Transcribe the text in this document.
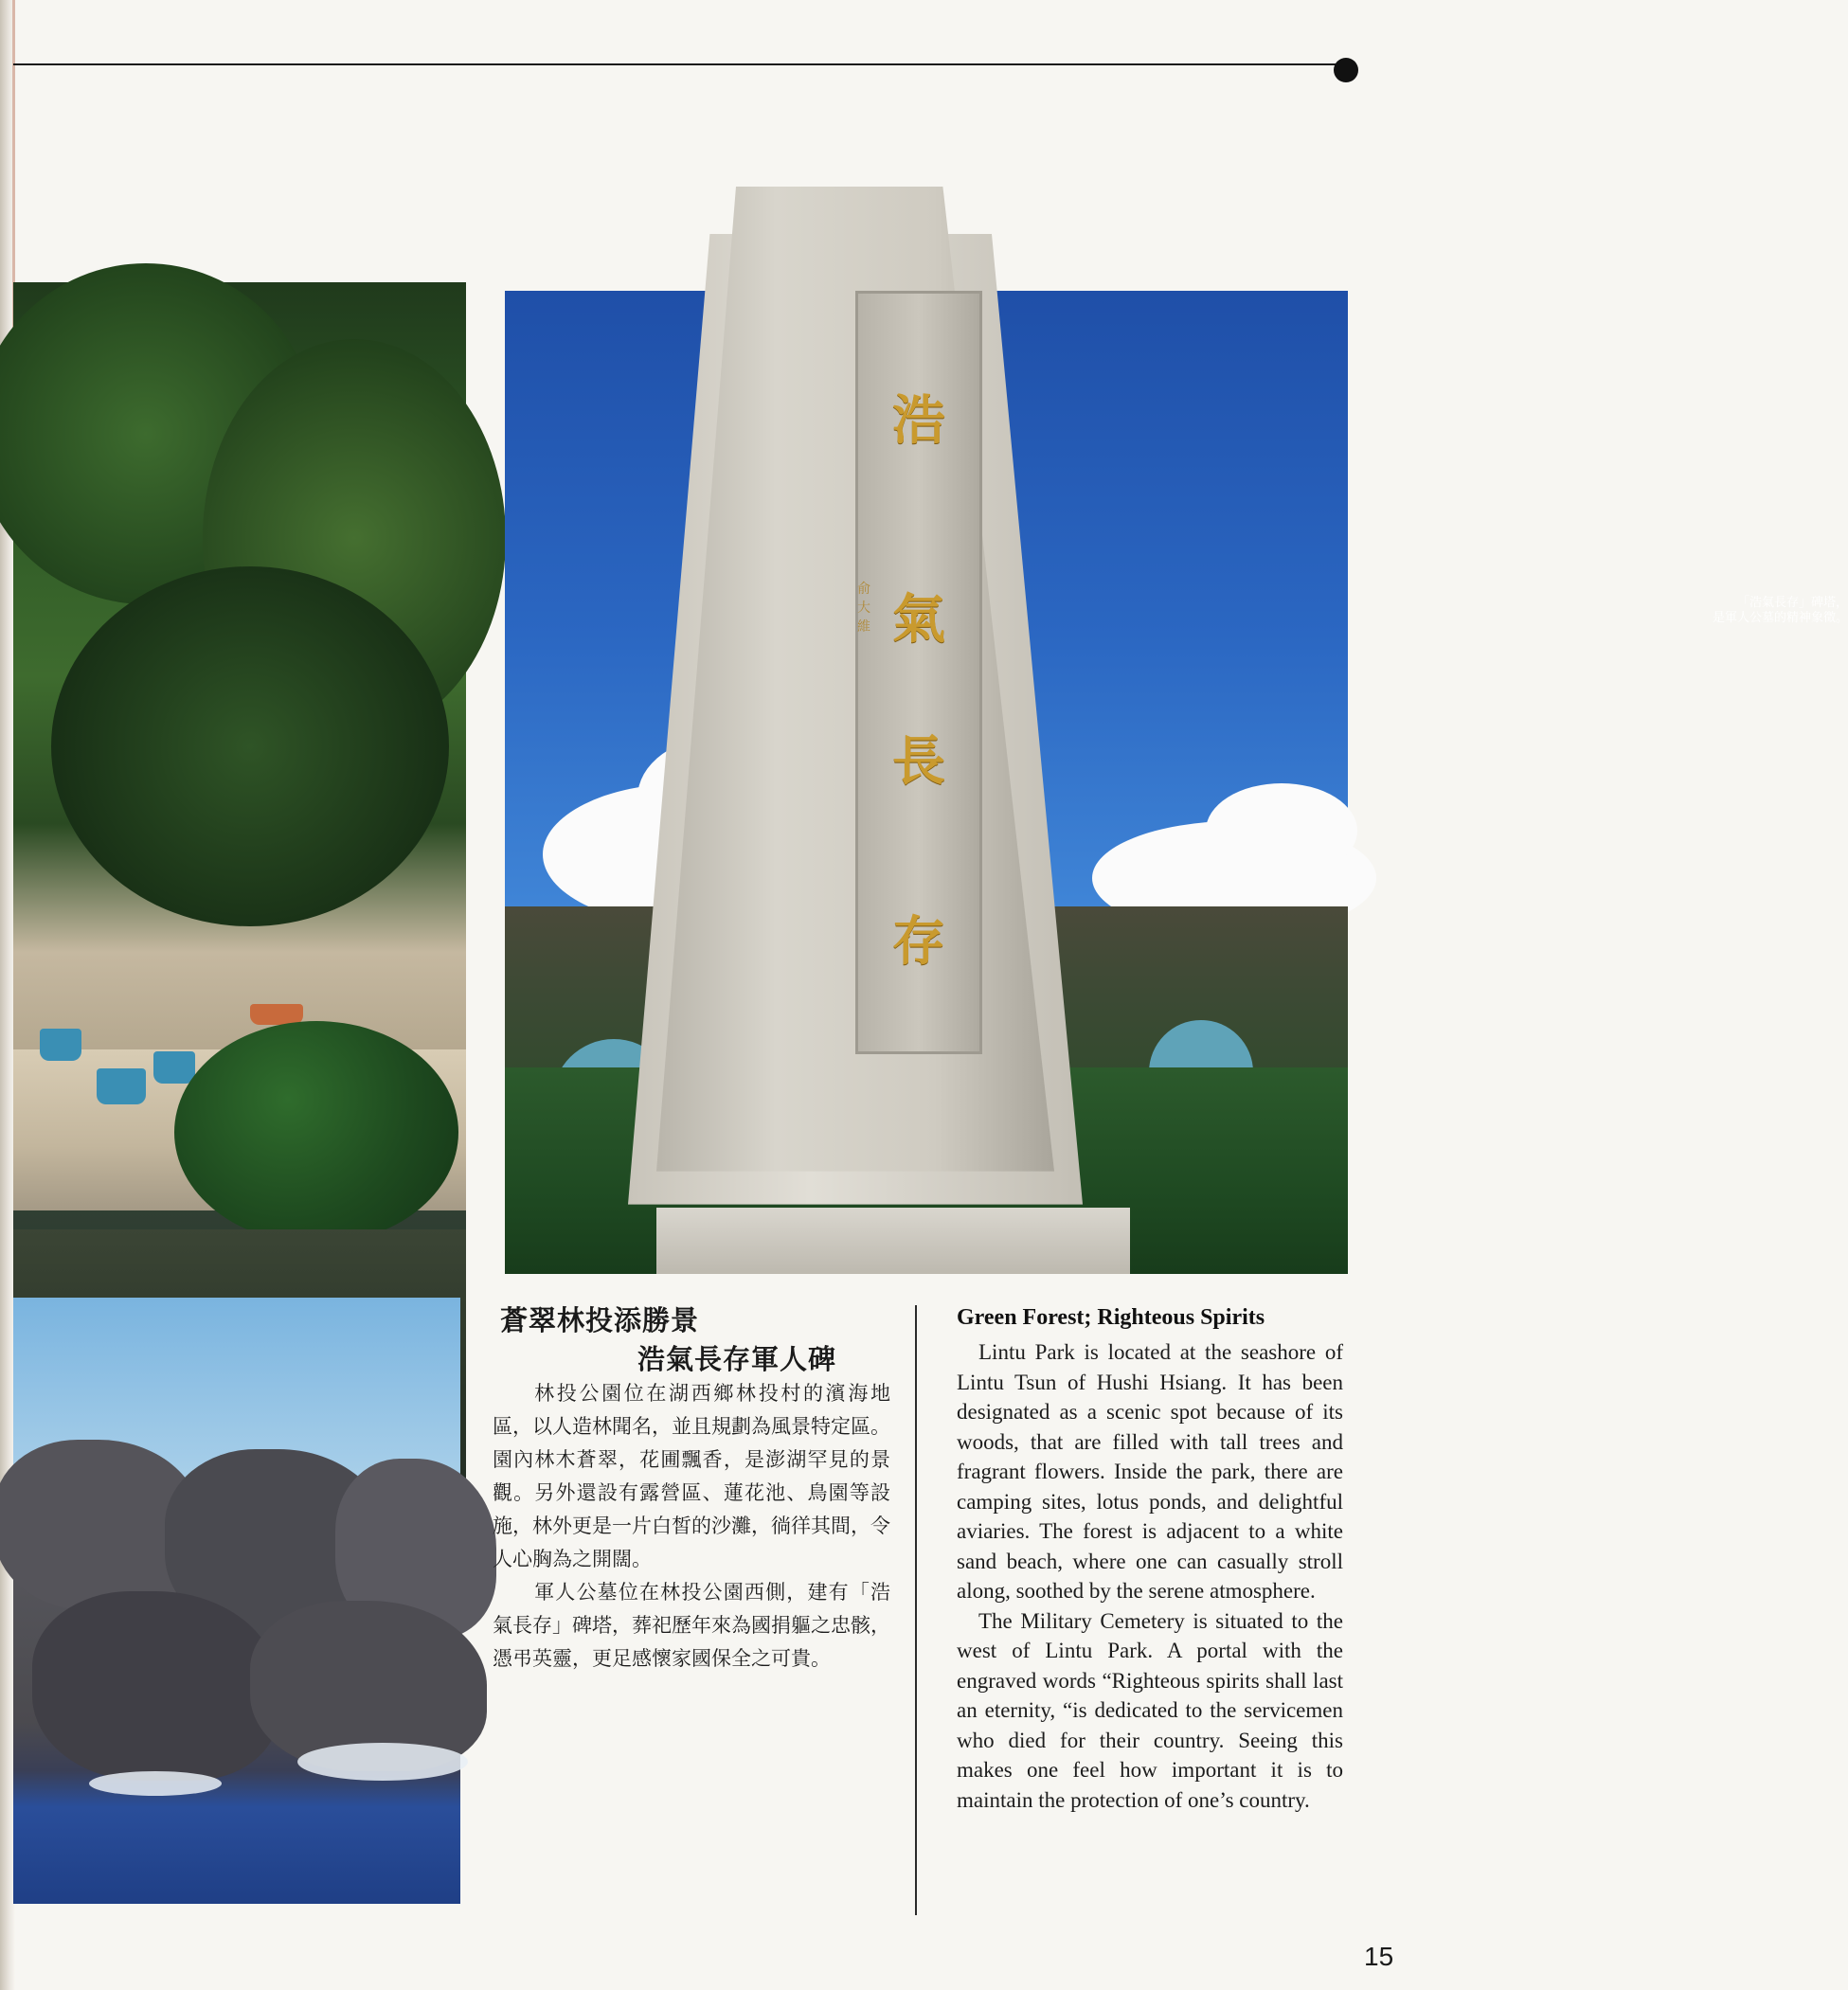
浩
氣
長
存
俞大維
「浩氣長存」碑塔，
是軍人公墓的精神象徵。
蒼翠林投添勝景
浩氣長存軍人碑

林投公園位在湖西鄉林投村的濱海地區，以人造林聞名，並且規劃為風景特定區。園內林木蒼翠，花圃飄香，是澎湖罕見的景觀。另外還設有露營區、蓮花池、鳥園等設施，林外更是一片白皙的沙灘，徜徉其間，令人心胸為之開闊。

軍人公墓位在林投公園西側，建有「浩氣長存」碑塔，葬祀歷年來為國捐軀之忠骸，憑弔英靈，更足感懷家國保全之可貴。

Green Forest; Righteous Spirits

Lintu Park is located at the seashore of Lintu Tsun of Hushi Hsiang. It has been designated as a scenic spot because of its woods, that are filled with tall trees and fragrant flowers. Inside the park, there are camping sites, lotus ponds, and delightful aviaries. The forest is adjacent to a white sand beach, where one can casually stroll along, soothed by the serene atmosphere.

The Military Cemetery is situated to the west of Lintu Park. A portal with the engraved words “Righteous spirits shall last an eternity, “is dedicated to the servicemen who died for their country. Seeing this makes one feel how important it is to maintain the protection of one’s country.

15
